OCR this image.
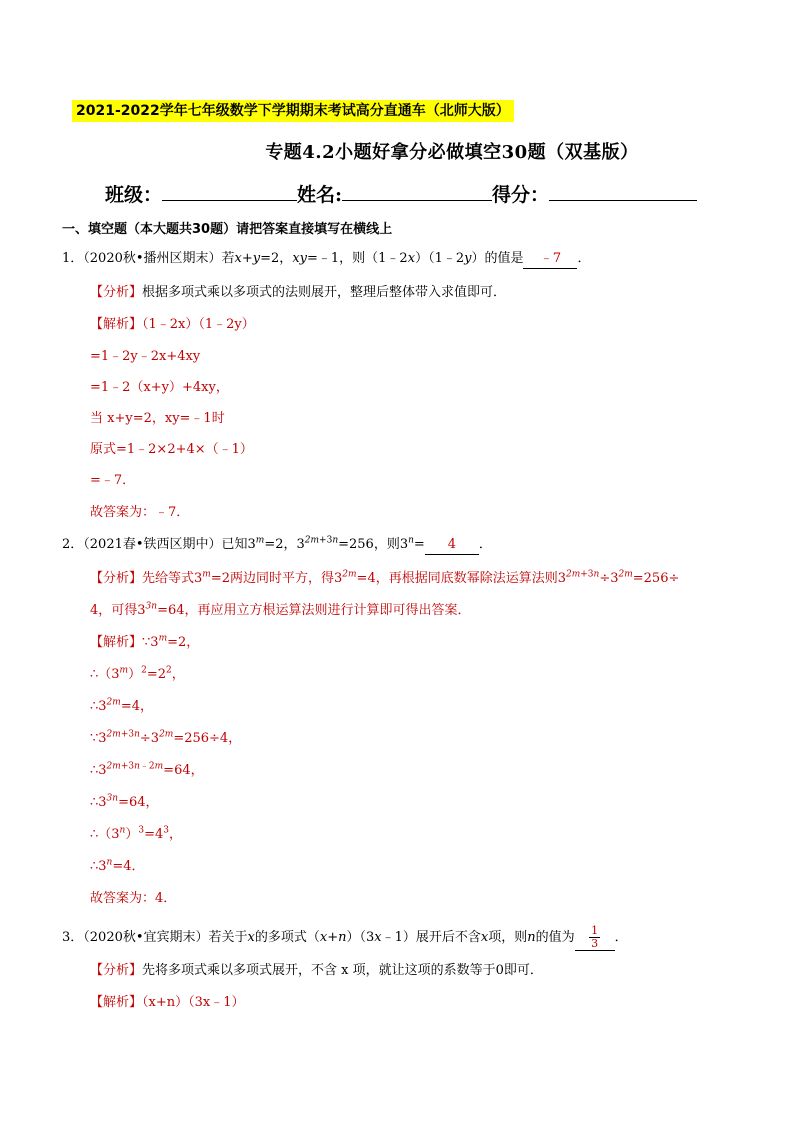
2021-2022学年七年级数学下学期期末考试高分直通车（北师大版）
专题4.2小题好拿分必做填空30题（双基版）
班级：	姓名:	得分：
一、填空题（本大题共30题）请把答案直接填写在横线上
1．（2020秋•播州区期末）若x+y=2，xy=﹣1，则（1﹣2x）（1﹣2y）的值是 ﹣7 ．
【分析】根据多项式乘以多项式的法则展开，整理后整体带入求值即可．
【解析】（1﹣2x）（1﹣2y）
=1﹣2y﹣2x+4xy
=1﹣2（x+y）+4xy，
当 x+y=2，xy=﹣1时
原式=1﹣2×2+4×（﹣1）
=﹣7．
故答案为：﹣7．
2．（2021春•铁西区期中）已知$3^m=2$，$3^{2m+3n}=256$，则$3^n= 4$ ．
【分析】先给等式$3^m=2$两边同时平方，得$3^{2m}=4$，再根据同底数幂除法运算法则$3^{2m+3n}\div 3^{2m}=256\div$
4，可得$3^{3n}=64$，再应用立方根运算法则进行计算即可得出答案．
【解析】$\because 3^m=2$，
$\therefore(3^m)^2=2^2$，
$\therefore 3^{2m}=4$，
$\because 3^{2m+3n}\div 3^{2m}=256\div 4$，
$\therefore 3^{2m+3n﹣2m}=64$，
$\therefore 3^{3n}=64$，
$\therefore(3^n)^3=4^3$，
$\therefore 3^n=4$．
故答案为：4．
3．（2020秋•宜宾期末）若关于x的多项式（x+n）（3x﹣1）展开后不含x项，则n的值为 $\frac{1}{3}$ ．
【分析】先将多项式乘以多项式展开，不含 x 项，就让这项的系数等于0即可．
【解析】（x+n）（3x﹣1）
